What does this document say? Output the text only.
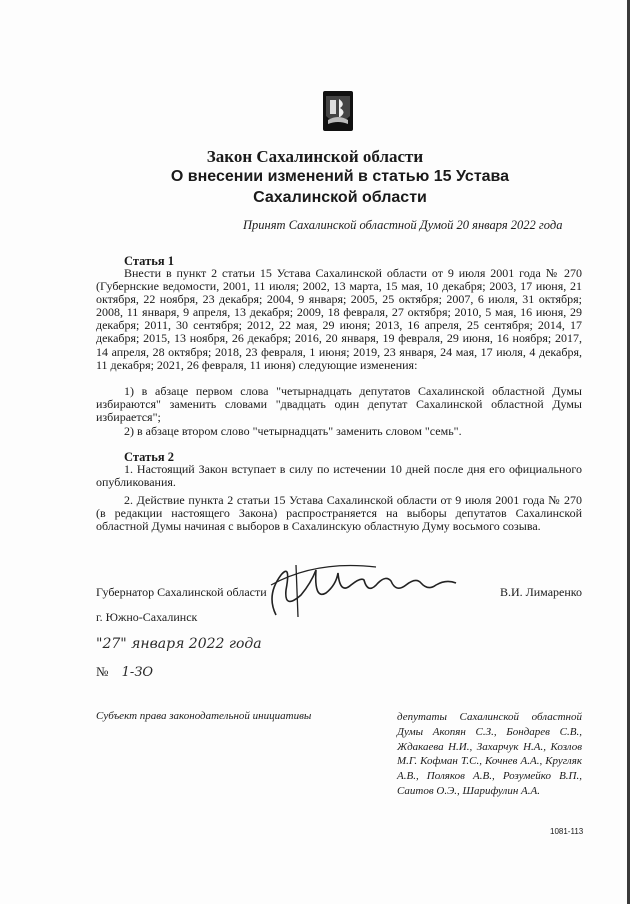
Закон Сахалинской области
О внесении изменений в статью 15 Устава Сахалинской области
Принят Сахалинской областной Думой 20 января 2022 года
Статья 1
Внести в пункт 2 статьи 15 Устава Сахалинской области от 9 июля 2001 года № 270 (Губернские ведомости, 2001, 11 июля; 2002, 13 марта, 15 мая, 10 декабря; 2003, 17 июня, 21 октября, 22 ноября, 23 декабря; 2004, 9 января; 2005, 25 октября; 2007, 6 июля, 31 октября; 2008, 11 января, 9 апреля, 13 декабря; 2009, 18 февраля, 27 октября; 2010, 5 мая, 16 июня, 29 декабря; 2011, 30 сентября; 2012, 22 мая, 29 июня; 2013, 16 апреля, 25 сентября; 2014, 17 декабря; 2015, 13 ноября, 26 декабря; 2016, 20 января, 19 февраля, 29 июня, 16 ноября; 2017, 14 апреля, 28 октября; 2018, 23 февраля, 1 июня; 2019, 23 января, 24 мая, 17 июля, 4 декабря, 11 декабря; 2021, 26 февраля, 11 июня) следующие изменения:
1) в абзаце первом слова "четырнадцать депутатов Сахалинской областной Думы избираются" заменить словами "двадцать один депутат Сахалинской областной Думы избирается";
2) в абзаце втором слово "четырнадцать" заменить словом "семь".
Статья 2
1. Настоящий Закон вступает в силу по истечении 10 дней после дня его официального опубликования.
2. Действие пункта 2 статьи 15 Устава Сахалинской области от 9 июля 2001 года № 270 (в редакции настоящего Закона) распространяется на выборы депутатов Сахалинской областной Думы начиная с выборов в Сахалинскую областную Думу восьмого созыва.
Губернатор Сахалинской области	В.И. Лимаренко
г. Южно-Сахалинск
"27" января 2022 года
№ 1-ЗО
Субъект права законодательной инициативы	депутаты Сахалинской областной Думы Акопян С.З., Бондарев С.В., Ждакаева Н.И., Захарчук Н.А., Козлов М.Г. Кофман Т.С., Кочнев А.А., Кругляк А.В., Поляков А.В., Розумейко В.П., Саитов О.Э., Шарифулин А.А.
1081-113
